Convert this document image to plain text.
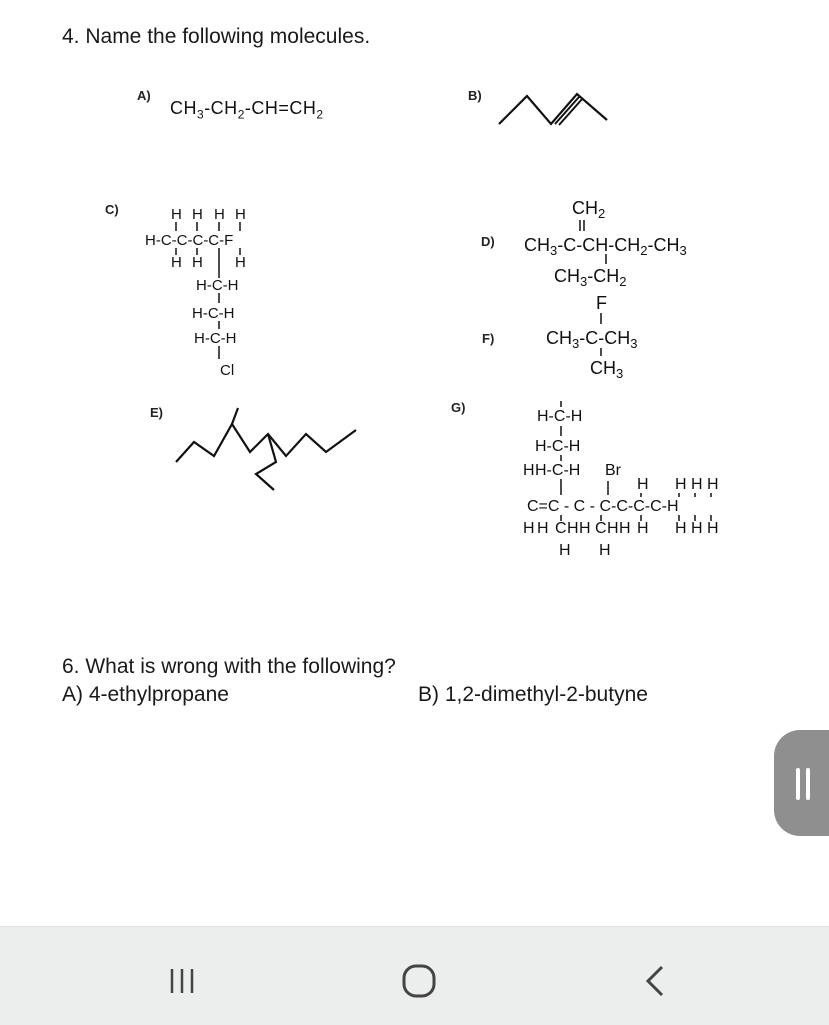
4. Name the following molecules.
A)
$CH_3-CH_2-CH=CH_2$
B)
C)	H H H H
H-C-C-C-C-F
H H H
H-C-H
H-C-H
H-C-H
Cl
D)
$CH_2$
$CH_3-C-CH-CH_2-CH_3$
$CH_3-CH_2$
F)
F
$CH_3-C-CH_3$
$CH_3$
E)	G)
H-C-H
H-C-H
H H-C-H Br
H H H H
C=C - C - C-C-C-C-H
H H C H H C H H H H H H
H H
6. What is wrong with the following?
A) 4-ethylpropane	B) 1,2-dimethyl-2-butyne
